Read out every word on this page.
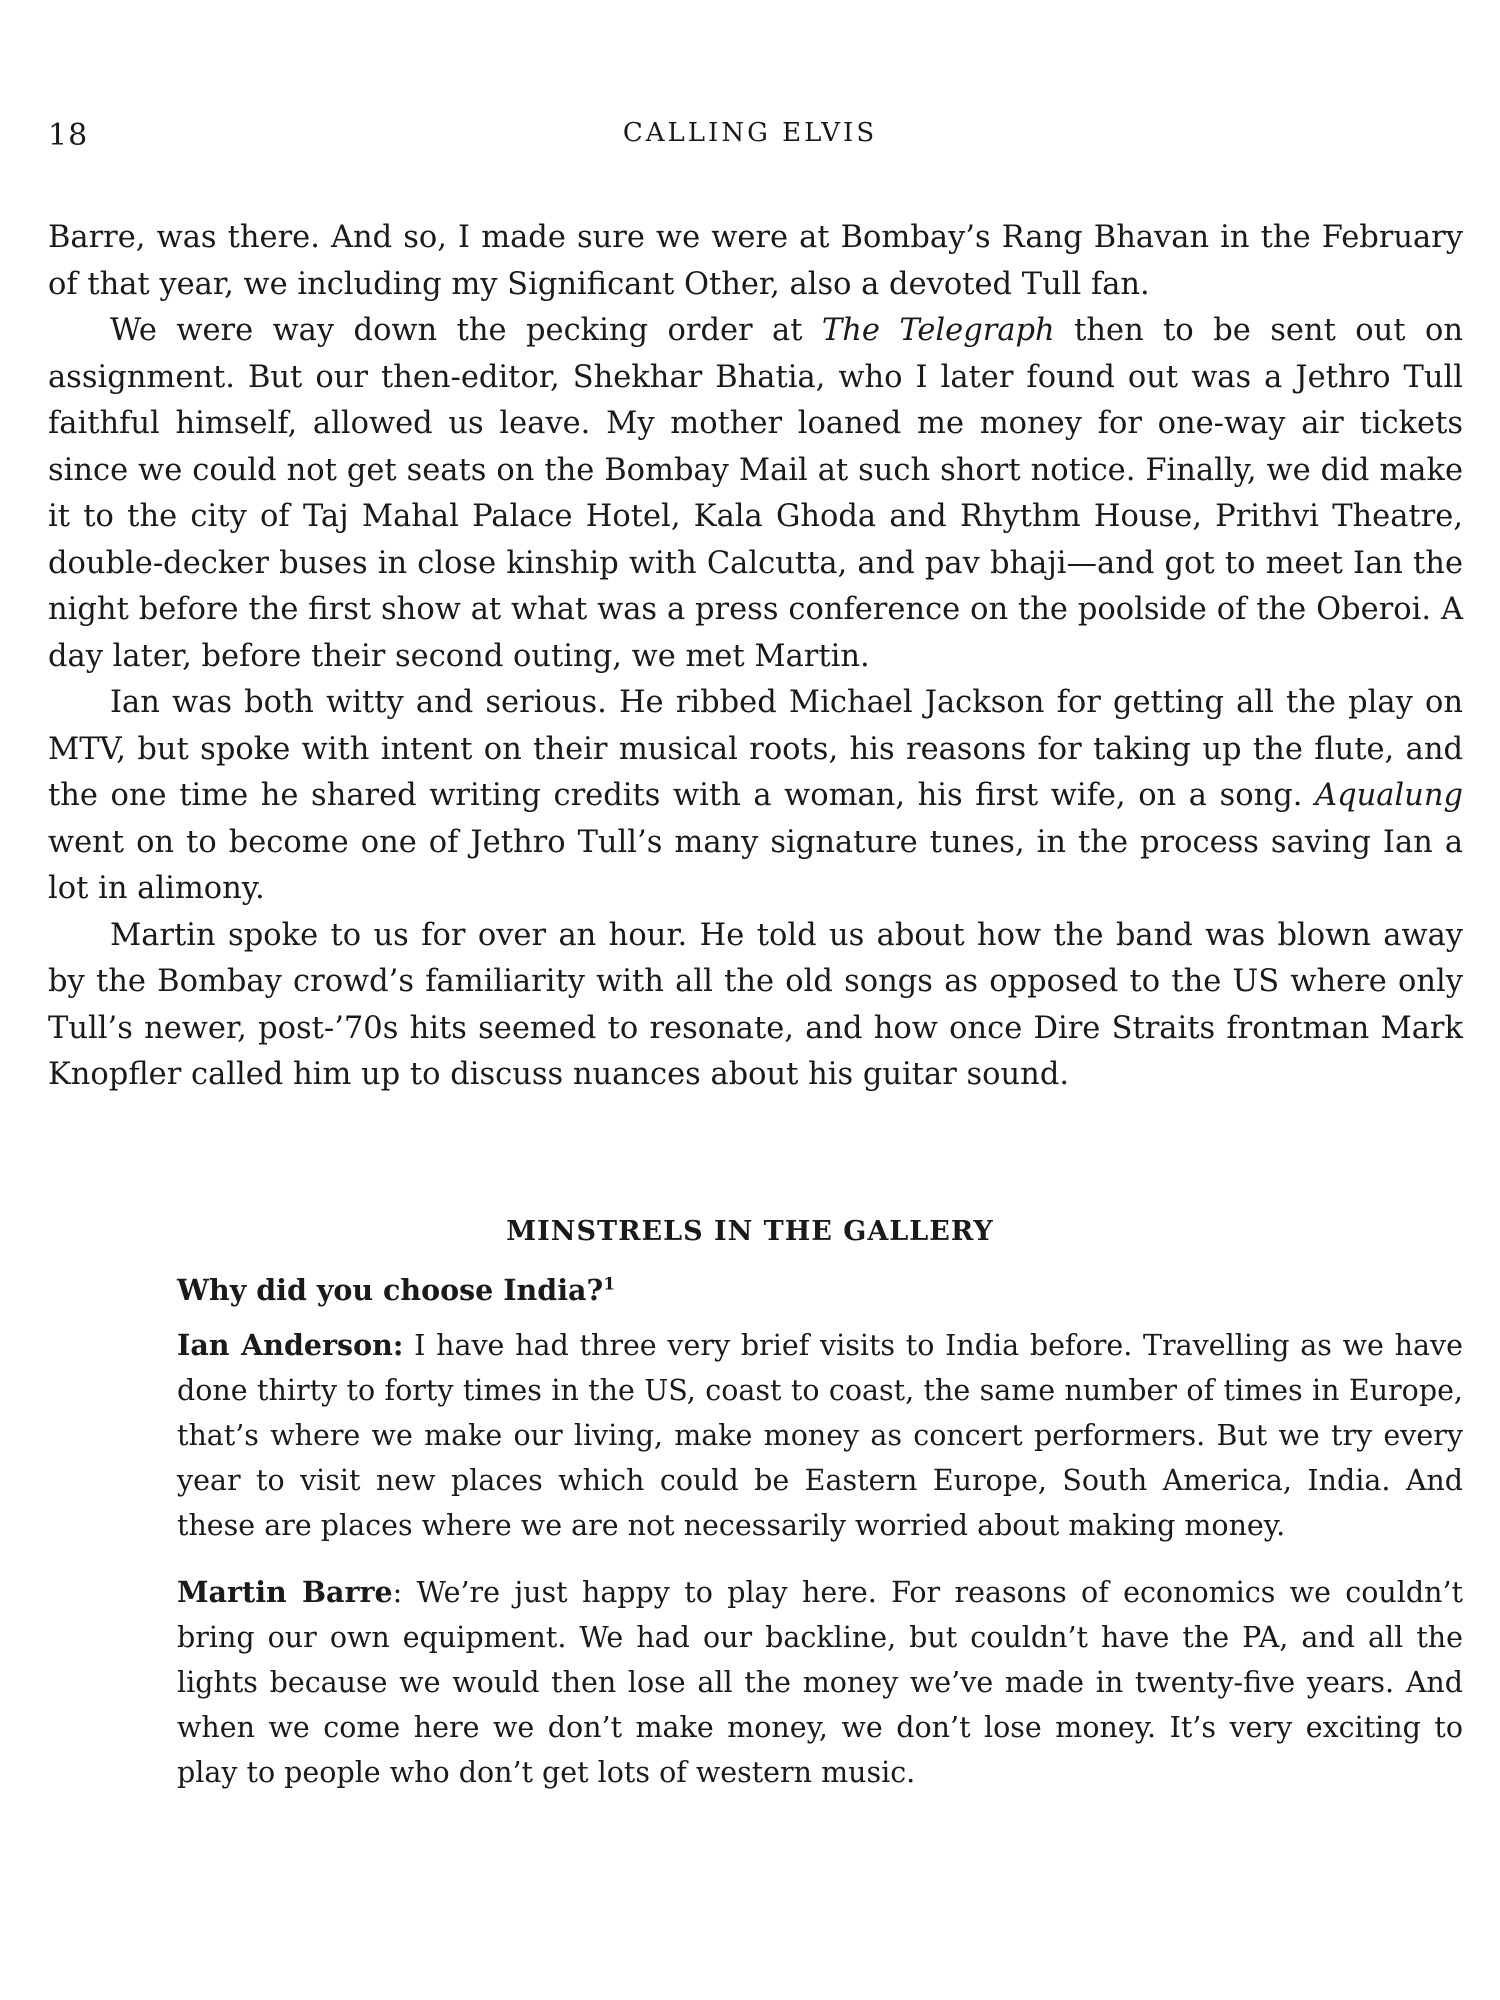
18	CALLING ELVIS

Barre, was there. And so, I made sure we were at Bombay’s Rang Bhavan in the February of that year, we including my Significant Other, also a devoted Tull fan.

We were way down the pecking order at The Telegraph then to be sent out on assignment. But our then-editor, Shekhar Bhatia, who I later found out was a Jethro Tull faithful himself, allowed us leave. My mother loaned me money for one-way air tickets since we could not get seats on the Bombay Mail at such short notice. Finally, we did make it to the city of Taj Mahal Palace Hotel, Kala Ghoda and Rhythm House, Prithvi Theatre, double-decker buses in close kinship with Calcutta, and pav bhaji—and got to meet Ian the night before the first show at what was a press conference on the poolside of the Oberoi. A day later, before their second outing, we met Martin.

Ian was both witty and serious. He ribbed Michael Jackson for getting all the play on MTV, but spoke with intent on their musical roots, his reasons for taking up the flute, and the one time he shared writing credits with a woman, his first wife, on a song. Aqualung went on to become one of Jethro Tull’s many signature tunes, in the process saving Ian a lot in alimony.

Martin spoke to us for over an hour. He told us about how the band was blown away by the Bombay crowd’s familiarity with all the old songs as opposed to the US where only Tull’s newer, post-’70s hits seemed to resonate, and how once Dire Straits frontman Mark Knopfler called him up to discuss nuances about his guitar sound.

MINSTRELS IN THE GALLERY

Why did you choose India?$^1$

Ian Anderson: I have had three very brief visits to India before. Travelling as we have done thirty to forty times in the US, coast to coast, the same number of times in Europe, that’s where we make our living, make money as concert performers. But we try every year to visit new places which could be Eastern Europe, South America, India. And these are places where we are not necessarily worried about making money.

Martin Barre: We’re just happy to play here. For reasons of economics we couldn’t bring our own equipment. We had our backline, but couldn’t have the PA, and all the lights because we would then lose all the money we’ve made in twenty-five years. And when we come here we don’t make money, we don’t lose money. It’s very exciting to play to people who don’t get lots of western music.
